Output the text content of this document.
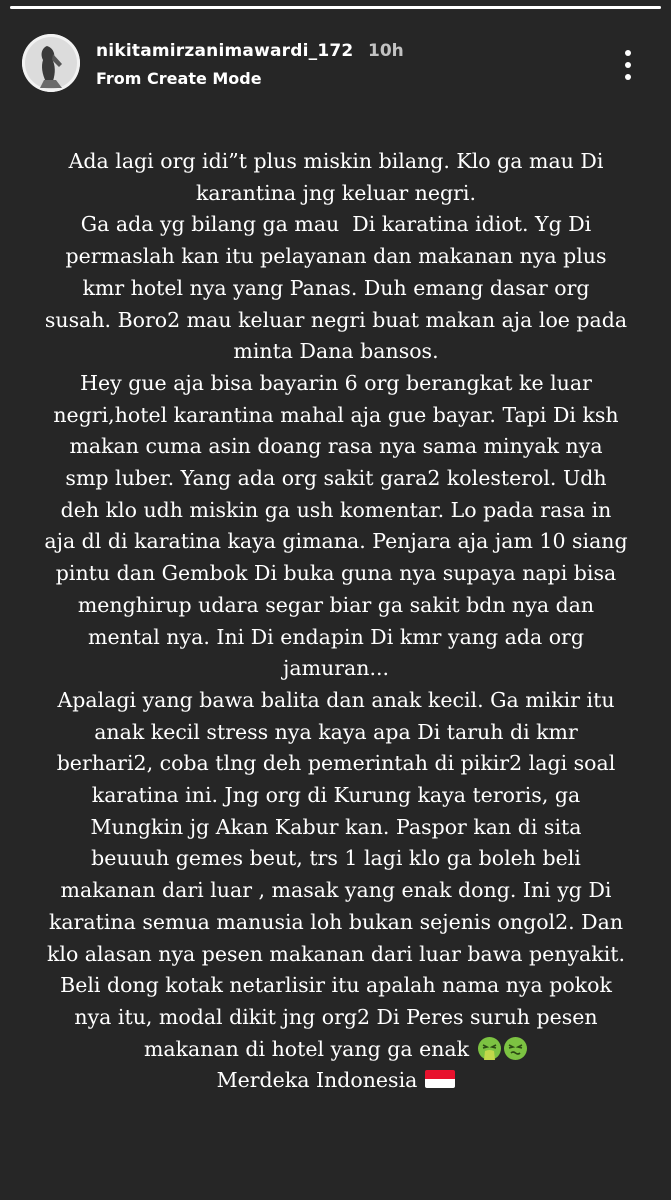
nikitamirzanimawardi_172 10h
From Create Mode
Ada lagi org idi”t plus miskin bilang. Klo ga mau Di
karantina jng keluar negri.
Ga ada yg bilang ga mau  Di karatina idiot. Yg Di
permaslah kan itu pelayanan dan makanan nya plus
kmr hotel nya yang Panas. Duh emang dasar org
susah. Boro2 mau keluar negri buat makan aja loe pada
minta Dana bansos.
Hey gue aja bisa bayarin 6 org berangkat ke luar
negri,hotel karantina mahal aja gue bayar. Tapi Di ksh
makan cuma asin doang rasa nya sama minyak nya
smp luber. Yang ada org sakit gara2 kolesterol. Udh
deh klo udh miskin ga ush komentar. Lo pada rasa in
aja dl di karatina kaya gimana. Penjara aja jam 10 siang
pintu dan Gembok Di buka guna nya supaya napi bisa
menghirup udara segar biar ga sakit bdn nya dan
mental nya. Ini Di endapin Di kmr yang ada org
jamuran...
Apalagi yang bawa balita dan anak kecil. Ga mikir itu
anak kecil stress nya kaya apa Di taruh di kmr
berhari2, coba tlng deh pemerintah di pikir2 lagi soal
karatina ini. Jng org di Kurung kaya teroris, ga
Mungkin jg Akan Kabur kan. Paspor kan di sita
beuuuh gemes beut, trs 1 lagi klo ga boleh beli
makanan dari luar , masak yang enak dong. Ini yg Di
karatina semua manusia loh bukan sejenis ongol2. Dan
klo alasan nya pesen makanan dari luar bawa penyakit.
Beli dong kotak netarlisir itu apalah nama nya pokok
nya itu, modal dikit jng org2 Di Peres suruh pesen
makanan di hotel yang ga enak
Merdeka Indonesia
